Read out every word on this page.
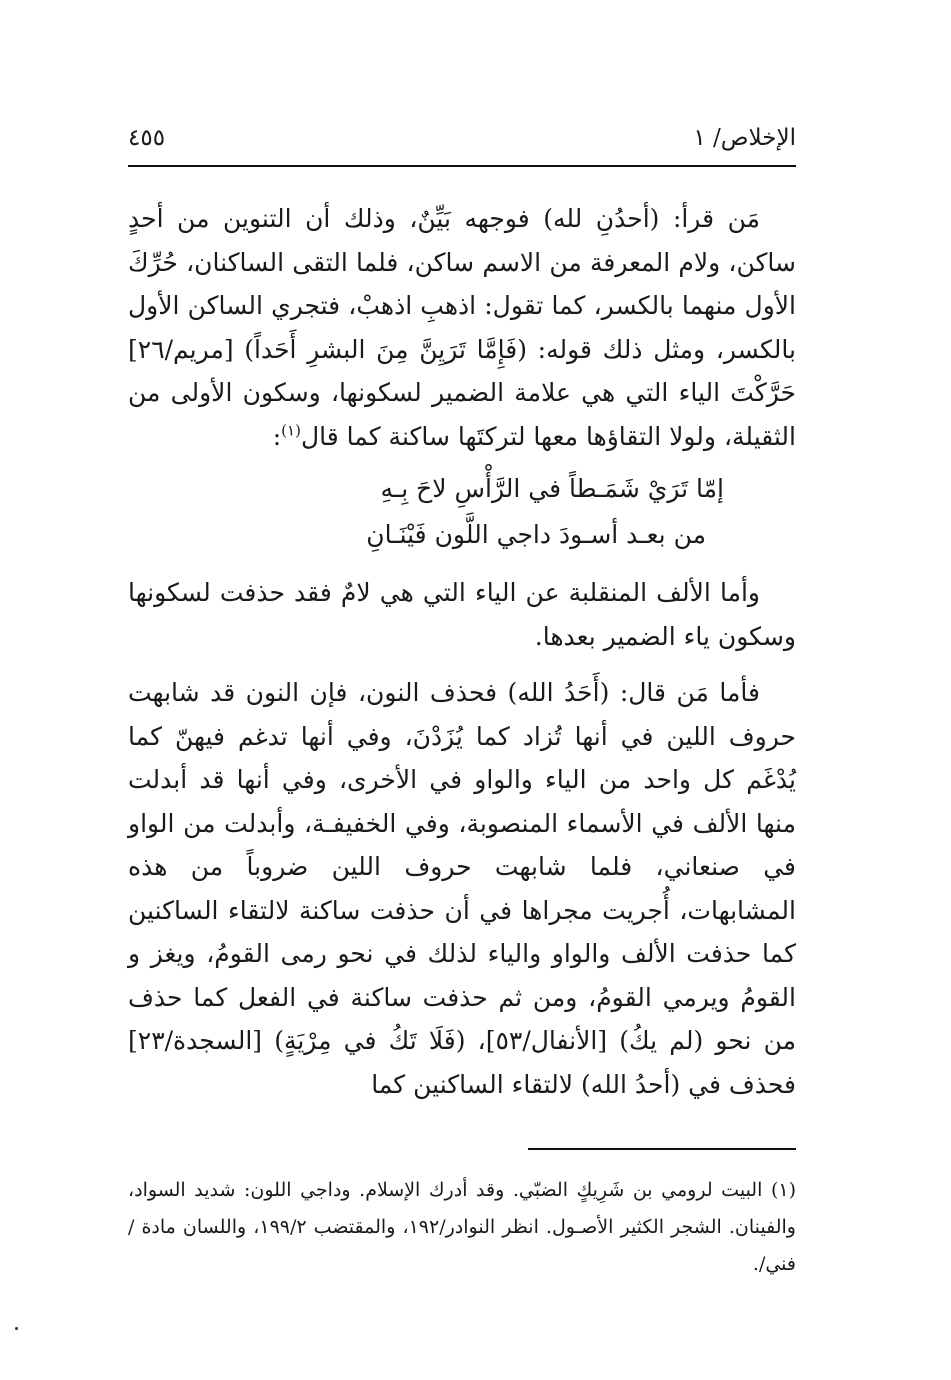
الإخلاص/ ١
٤٥٥

مَن قرأ: (أحدُنِ لله) فوجهه بَيِّنٌ، وذلك أن التنوين من أحدٍ ساكن، ولام المعرفة من الاسم ساكن، فلما التقى الساكنان، حُرِّكَ الأول منهما بالكسر، كما تقول: اذهبِ اذهبْ، فتجري الساكن الأول بالكسر، ومثل ذلك قوله: (فَإِمَّا تَرَيِنَّ مِنَ البشرِ أَحَداً) [مريم/٢٦] حَرَّكْتَ الياء التي هي علامة الضمير لسكونها، وسكون الأولى من الثقيلة، ولولا التقاؤها معها لتركتَها ساكنة كما قال$^{(١)}$:

إمّا تَرَيْ شَمَـطاً في الرَّأْسِ لاحَ بِـهِ
من بعـد أسـودَ داجي اللَّون فَيْنَـانِ

وأما الألف المنقلبة عن الياء التي هي لامٌ فقد حذفت لسكونها وسكون ياء الضمير بعدها.

فأما مَن قال: (أَحَدُ الله) فحذف النون، فإن النون قد شابهت حروف اللين في أنها تُزاد كما يُزَدْنَ، وفي أنها تدغم فيهنّ كما يُدْغَم كل واحد من الياء والواو في الأخرى، وفي أنها قد أبدلت منها الألف في الأسماء المنصوبة، وفي الخفيفـة، وأبدلت من الواو في صنعاني، فلما شابهت حروف اللين ضروباً من هذه المشابهات، أُجريت مجراها في أن حذفت ساكنة لالتقاء الساكنين كما حذفت الألف والواو والياء لذلك في نحو رمى القومُ، ويغز و القومُ ويرمي القومُ، ومن ثم حذفت ساكنة في الفعل كما حذف من نحو (لم يكُ) [الأنفال/٥٣]، (فَلَا تَكُ في مِرْيَةٍ) [السجدة/٢٣] فحذف في (أحدُ الله) لالتقاء الساكنين كما

(١) البيت لرومي بن شَرِيكٍ الضبّي. وقد أدرك الإسلام. وداجي اللون: شديد السواد، والفينان. الشجر الكثير الأصـول. انظر النوادر/١٩٢، والمقتضب ١٩٩/٢، واللسان مادة /فني/.
